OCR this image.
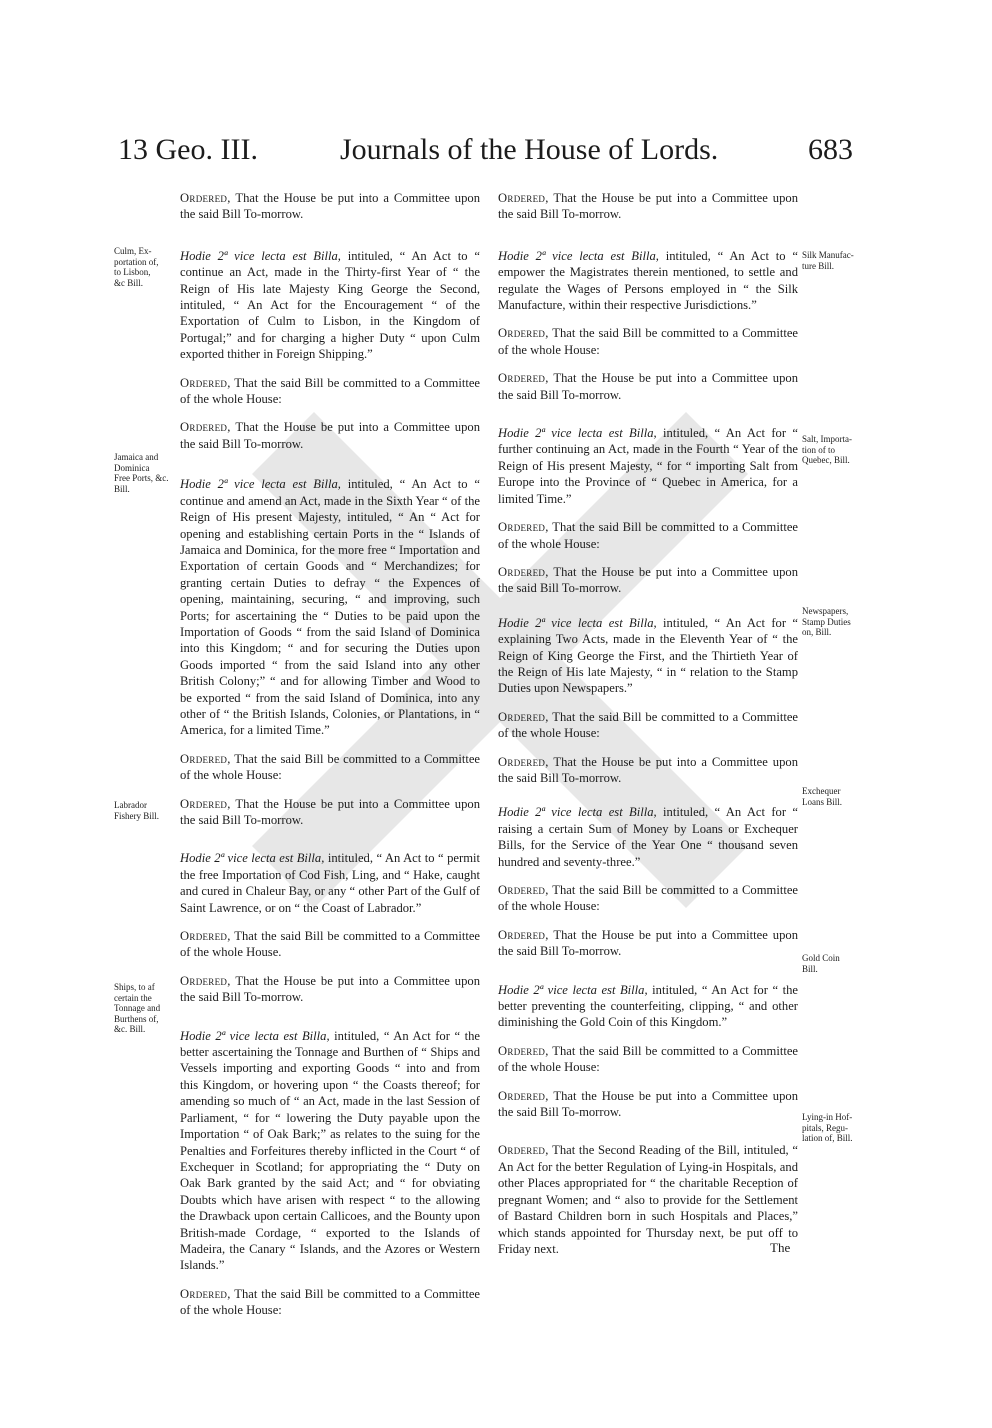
13 Geo. III.	Journals of the House of Lords.	683
Culm, Ex-
portation of,
to Lisbon,
&c Bill.
Jamaica and
Dominica
Free Ports, &c.
Bill.
Labrador
Fishery Bill.
Ships, to af
certain the
Tonnage and
Burthens of,
&c. Bill.
Silk Manufac-
ture Bill.
Salt, Importa-
tion of to
Quebec, Bill.
Newspapers,
Stamp Duties
on, Bill.
Exchequer
Loans Bill.
Gold Coin
Bill.
Lying-in Hof-
pitals, Regu-
lation of, Bill.

Ordered, That the House be put into a Committee upon the said Bill To-morrow.

Hodie 2ª vice lecta est Billa, intituled, “ An Act to “ continue an Act, made in the Thirty-first Year of “ the Reign of His late Majesty King George the Second, intituled, “ An Act for the Encouragement “ of the Exportation of Culm to Lisbon, in the Kingdom of Portugal;” and for charging a higher Duty “ upon Culm exported thither in Foreign Shipping.”

Ordered, That the said Bill be committed to a Committee of the whole House:

Ordered, That the House be put into a Committee upon the said Bill To-morrow.

Hodie 2ª vice lecta est Billa, intituled, “ An Act to “ continue and amend an Act, made in the Sixth Year “ of the Reign of His present Majesty, intituled, “ An “ Act for opening and establishing certain Ports in the “ Islands of Jamaica and Dominica, for the more free “ Importation and Exportation of certain Goods and “ Merchandizes; for granting certain Duties to defray “ the Expences of opening, maintaining, securing, “ and improving, such Ports; for ascertaining the “ Duties to be paid upon the Importation of Goods “ from the said Island of Dominica into this Kingdom; “ and for securing the Duties upon Goods imported “ from the said Island into any other British Colony;” “ and for allowing Timber and Wood to be exported “ from the said Island of Dominica, into any other of “ the British Islands, Colonies, or Plantations, in “ America, for a limited Time.”

Ordered, That the said Bill be committed to a Committee of the whole House:

Ordered, That the House be put into a Committee upon the said Bill To-morrow.

Hodie 2ª vice lecta est Billa, intituled, “ An Act to “ permit the free Importation of Cod Fish, Ling, and “ Hake, caught and cured in Chaleur Bay, or any “ other Part of the Gulf of Saint Lawrence, or on “ the Coast of Labrador.”

Ordered, That the said Bill be committed to a Committee of the whole House.

Ordered, That the House be put into a Committee upon the said Bill To-morrow.

Hodie 2ª vice lecta est Billa, intituled, “ An Act for “ the better ascertaining the Tonnage and Burthen of “ Ships and Vessels importing and exporting Goods “ into and from this Kingdom, or hovering upon “ the Coasts thereof; for amending so much of “ an Act, made in the last Session of Parliament, “ for “ lowering the Duty payable upon the Importation “ of Oak Bark;” as relates to the suing for the Penalties and Forfeitures thereby inflicted in the Court “ of Exchequer in Scotland; for appropriating the “ Duty on Oak Bark granted by the said Act; and “ for obviating Doubts which have arisen with respect “ to the allowing the Drawback upon certain Callicoes, and the Bounty upon British-made Cordage, “ exported to the Islands of Madeira, the Canary “ Islands, and the Azores or Western Islands.”

Ordered, That the said Bill be committed to a Committee of the whole House:

Ordered, That the House be put into a Committee upon the said Bill To-morrow.

Hodie 2ª vice lecta est Billa, intituled, “ An Act to “ empower the Magistrates therein mentioned, to settle and regulate the Wages of Persons employed in “ the Silk Manufacture, within their respective Jurisdictions.”

Ordered, That the said Bill be committed to a Committee of the whole House:

Ordered, That the House be put into a Committee upon the said Bill To-morrow.

Hodie 2ª vice lecta est Billa, intituled, “ An Act for “ further continuing an Act, made in the Fourth “ Year of the Reign of His present Majesty, “ for “ importing Salt from Europe into the Province of “ Quebec in America, for a limited Time.”

Ordered, That the said Bill be committed to a Committee of the whole House:

Ordered, That the House be put into a Committee upon the said Bill To-morrow.

Hodie 2ª vice lecta est Billa, intituled, “ An Act for “ explaining Two Acts, made in the Eleventh Year of “ the Reign of King George the First, and the Thirtieth Year of the Reign of His late Majesty, “ in “ relation to the Stamp Duties upon Newspapers.”

Ordered, That the said Bill be committed to a Committee of the whole House:

Ordered, That the House be put into a Committee upon the said Bill To-morrow.

Hodie 2ª vice lecta est Billa, intituled, “ An Act for “ raising a certain Sum of Money by Loans or Exchequer Bills, for the Service of the Year One “ thousand seven hundred and seventy-three.”

Ordered, That the said Bill be committed to a Committee of the whole House:

Ordered, That the House be put into a Committee upon the said Bill To-morrow.

Hodie 2ª vice lecta est Billa, intituled, “ An Act for “ the better preventing the counterfeiting, clipping, “ and other diminishing the Gold Coin of this Kingdom.”

Ordered, That the said Bill be committed to a Committee of the whole House:

Ordered, That the House be put into a Committee upon the said Bill To-morrow.

Ordered, That the Second Reading of the Bill, intituled, “ An Act for the better Regulation of Lying-in Hospitals, and other Places appropriated for “ the charitable Reception of pregnant Women; and “ also to provide for the Settlement of Bastard Children born in such Hospitals and Places,” which stands appointed for Thursday next, be put off to Friday next.	The
